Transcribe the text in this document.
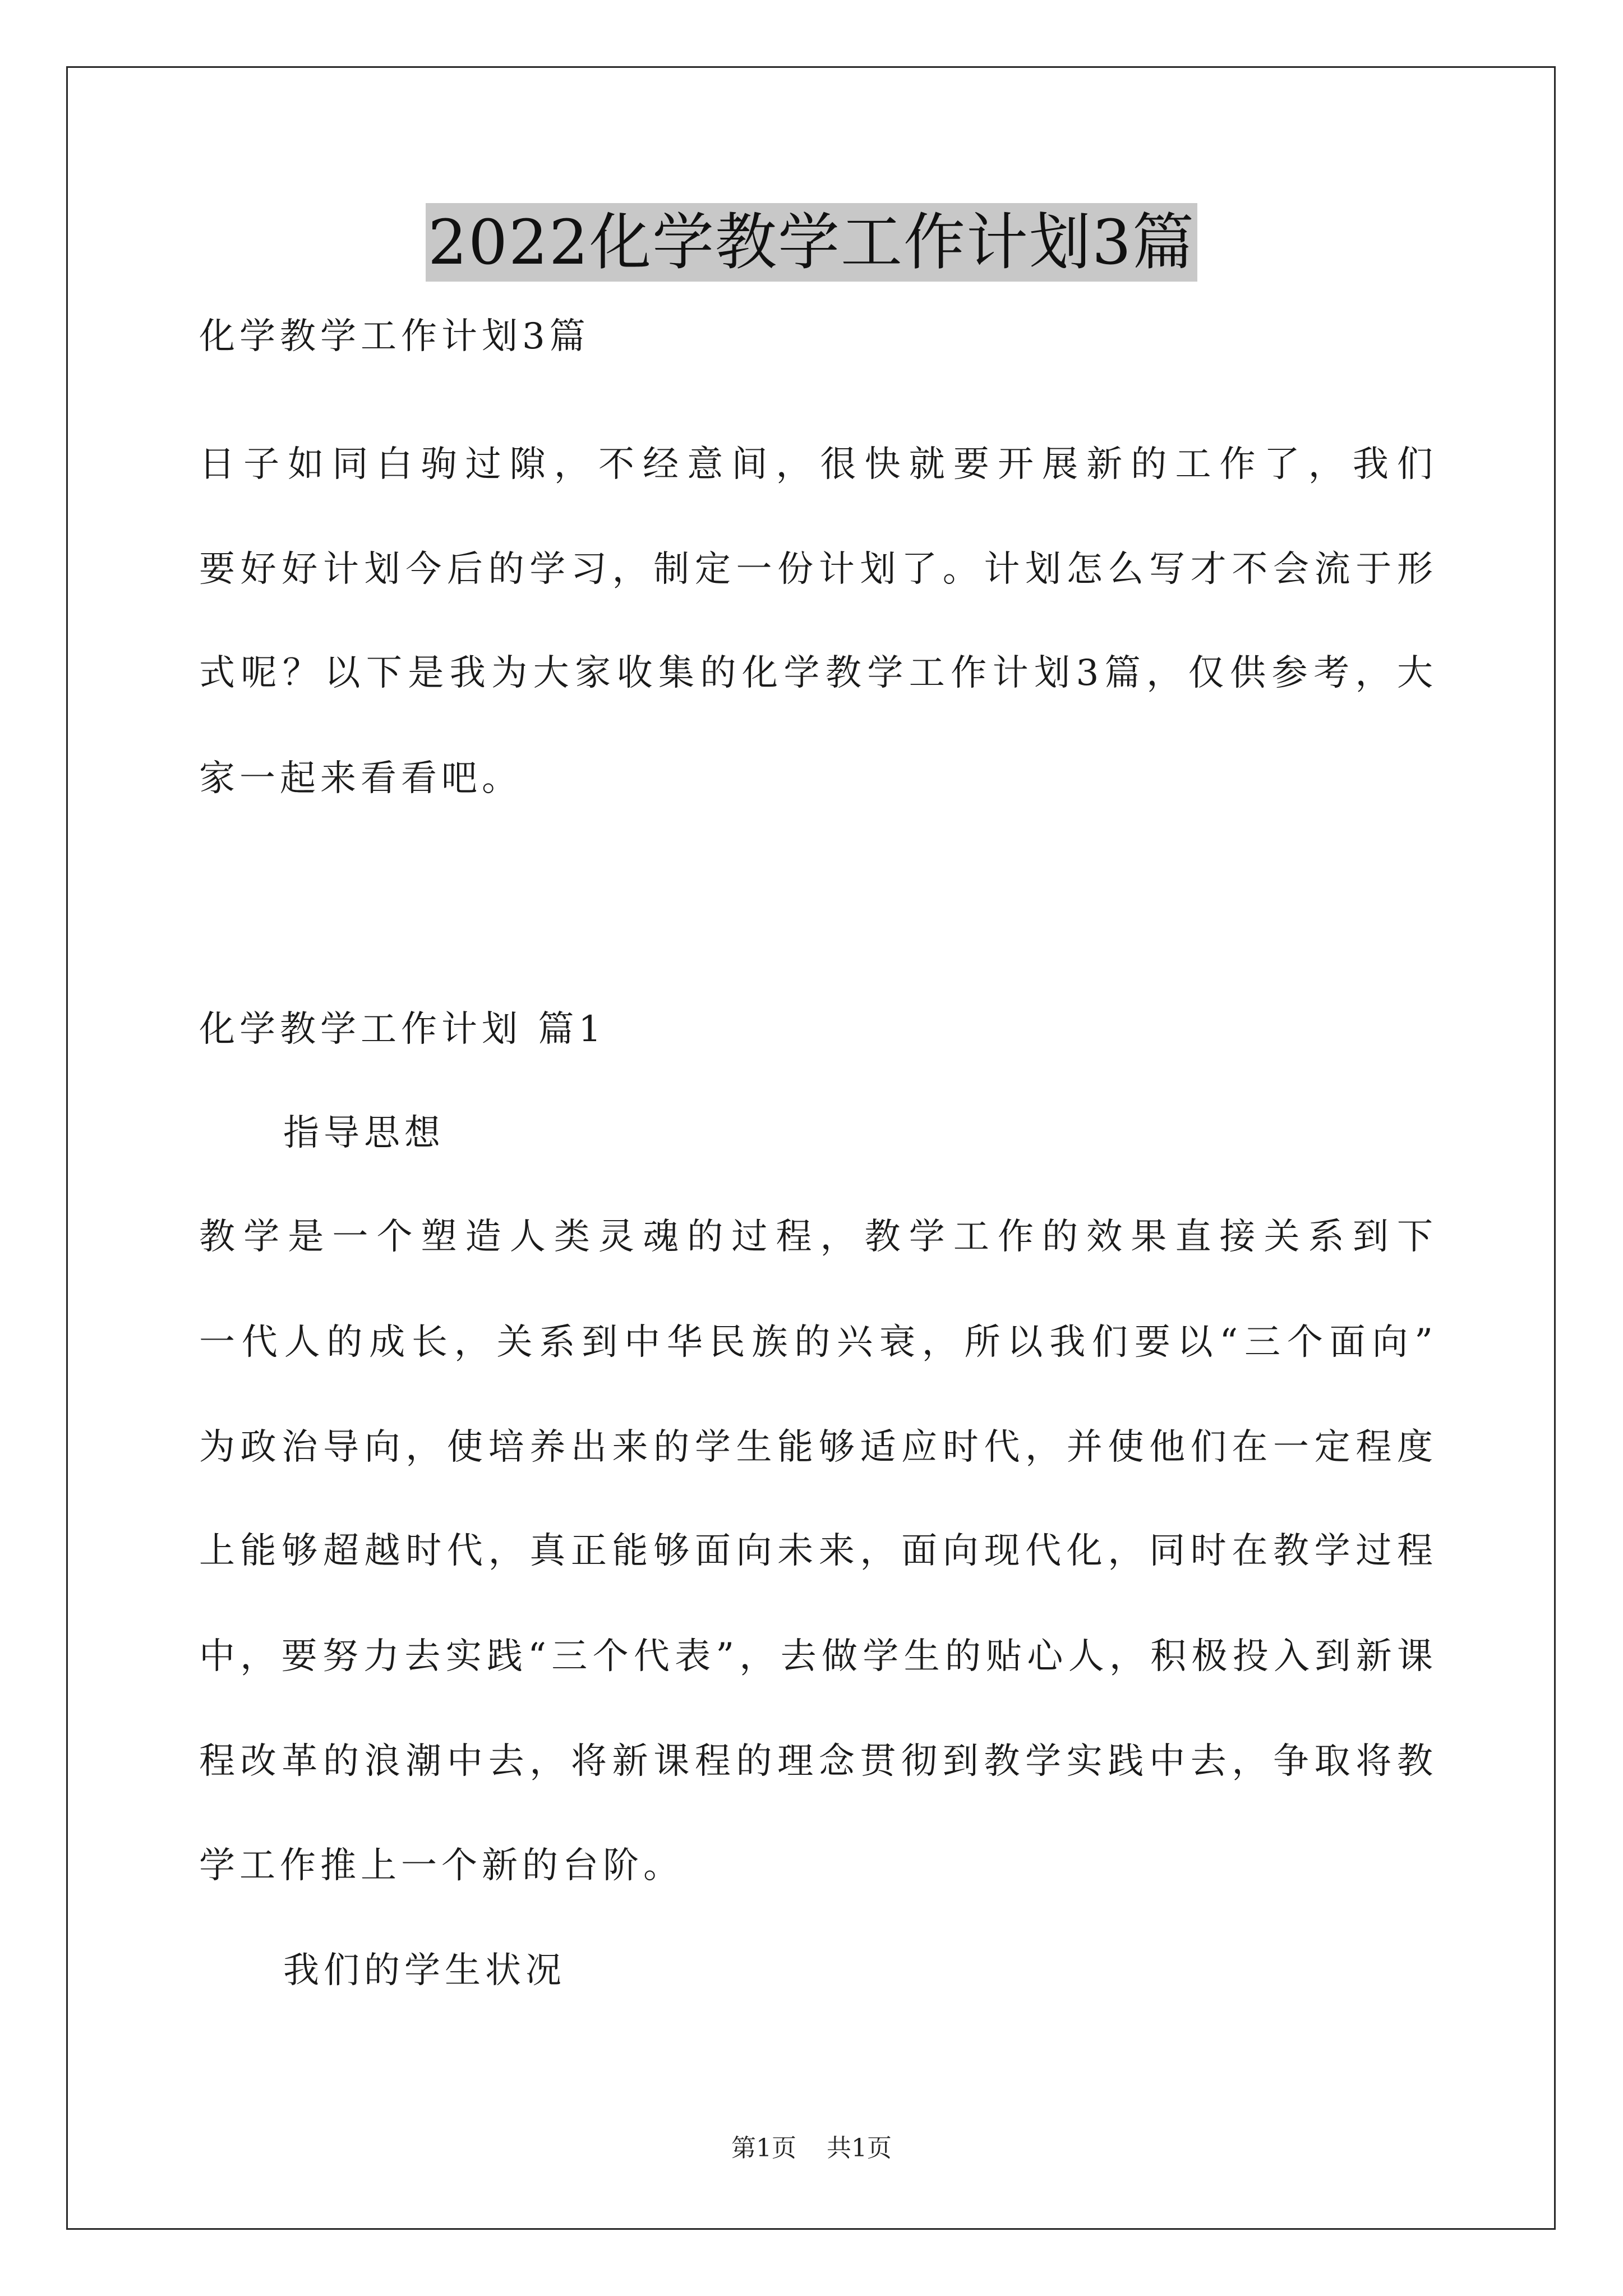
2022化学教学工作计划3篇
化学教学工作计划3篇
日子如同白驹过隙，不经意间，很快就要开展新的工作了，我们
要好好计划今后的学习，制定一份计划了。计划怎么写才不会流于形
式呢？以下是我为大家收集的化学教学工作计划3篇，仅供参考，大
家一起来看看吧。
化学教学工作计划 篇1
指导思想
教学是一个塑造人类灵魂的过程，教学工作的效果直接关系到下
一代人的成长，关系到中华民族的兴衰，所以我们要以“三个面向”
为政治导向，使培养出来的学生能够适应时代，并使他们在一定程度
上能够超越时代，真正能够面向未来，面向现代化，同时在教学过程
中，要努力去实践“三个代表”，去做学生的贴心人，积极投入到新课
程改革的浪潮中去，将新课程的理念贯彻到教学实践中去，争取将教
学工作推上一个新的台阶。
我们的学生状况
第1页 共1页
